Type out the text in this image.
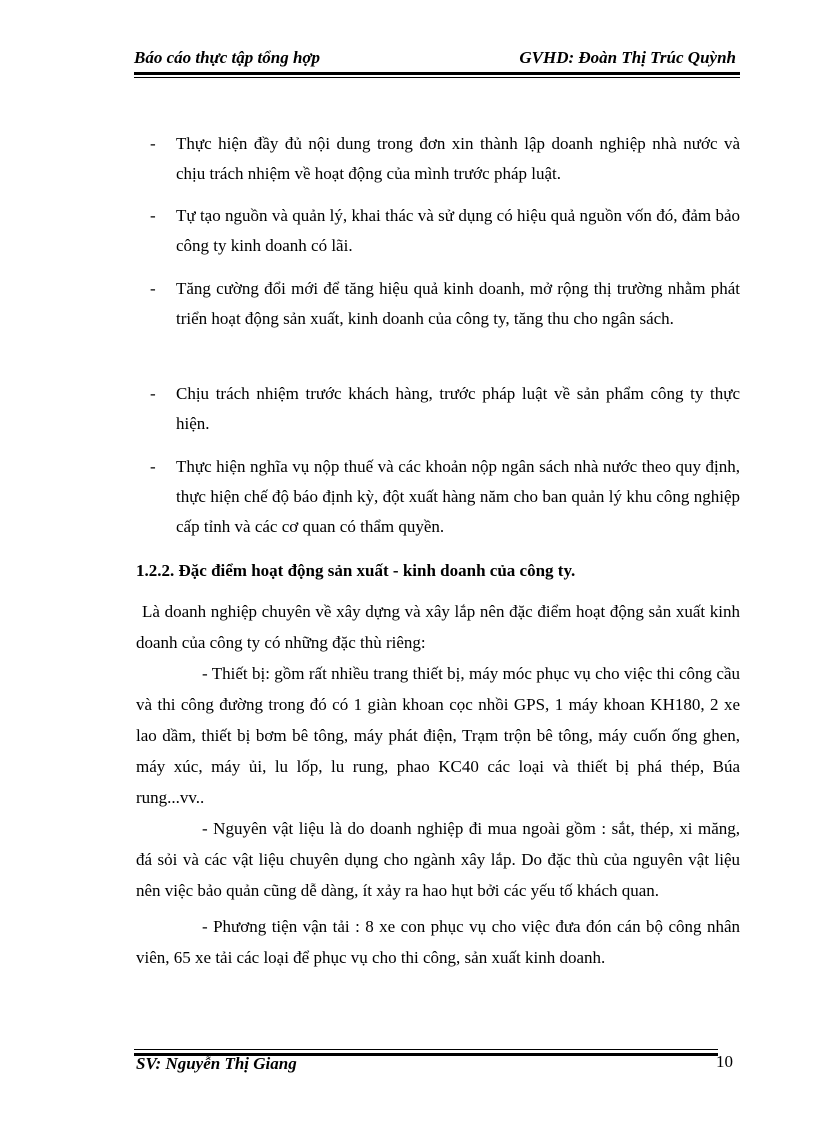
Báo cáo thực tập tổng hợp	GVHD: Đoàn Thị Trúc Quỳnh
- Thực hiện đầy đủ nội dung trong đơn xin thành lập doanh nghiệp nhà nước và chịu trách nhiệm về hoạt động của mình trước pháp luật.
- Tự tạo nguồn và quản lý, khai thác và sử dụng có hiệu quả nguồn vốn đó, đảm bảo công ty kinh doanh có lãi.
- Tăng cường đổi mới để tăng hiệu quả kinh doanh, mở rộng thị trường nhằm phát triển hoạt động sản xuất, kinh doanh của công ty, tăng thu cho ngân sách.
- Chịu trách nhiệm trước khách hàng, trước pháp luật về sản phẩm công ty thực hiện.
- Thực hiện nghĩa vụ nộp thuế và các khoản nộp ngân sách nhà nước theo quy định, thực hiện chế độ báo định kỳ, đột xuất hàng năm cho ban quản lý khu công nghiệp cấp tỉnh và các cơ quan có thẩm quyền.
1.2.2. Đặc điểm hoạt động sản xuất - kinh doanh của công ty.
Là doanh nghiệp chuyên về xây dựng và xây lắp nên đặc điểm hoạt động sản xuất kinh doanh của công ty có những đặc thù riêng:
- Thiết bị: gồm rất nhiều trang thiết bị, máy móc phục vụ cho việc thi công cầu và thi công đường trong đó có 1 giàn khoan cọc nhồi GPS, 1 máy khoan KH180, 2 xe lao dầm, thiết bị bơm bê tông, máy phát điện, Trạm trộn bê tông, máy cuốn ống ghen, máy xúc, máy ủi, lu lốp, lu rung, phao KC40 các loại và thiết bị phá thép, Búa rung...vv..
- Nguyên vật liệu là do doanh nghiệp đi mua ngoài gồm : sắt, thép, xi măng, đá sỏi và các vật liệu chuyên dụng cho ngành xây lắp. Do đặc thù của nguyên vật liệu nên việc bảo quản cũng dễ dàng, ít xảy ra hao hụt bởi các yếu tố khách quan.
- Phương tiện vận tải : 8 xe con phục vụ cho việc đưa đón cán bộ công nhân viên, 65 xe tải các loại để phục vụ cho thi công, sản xuất kinh doanh.
SV: Nguyễn Thị Giang	10
